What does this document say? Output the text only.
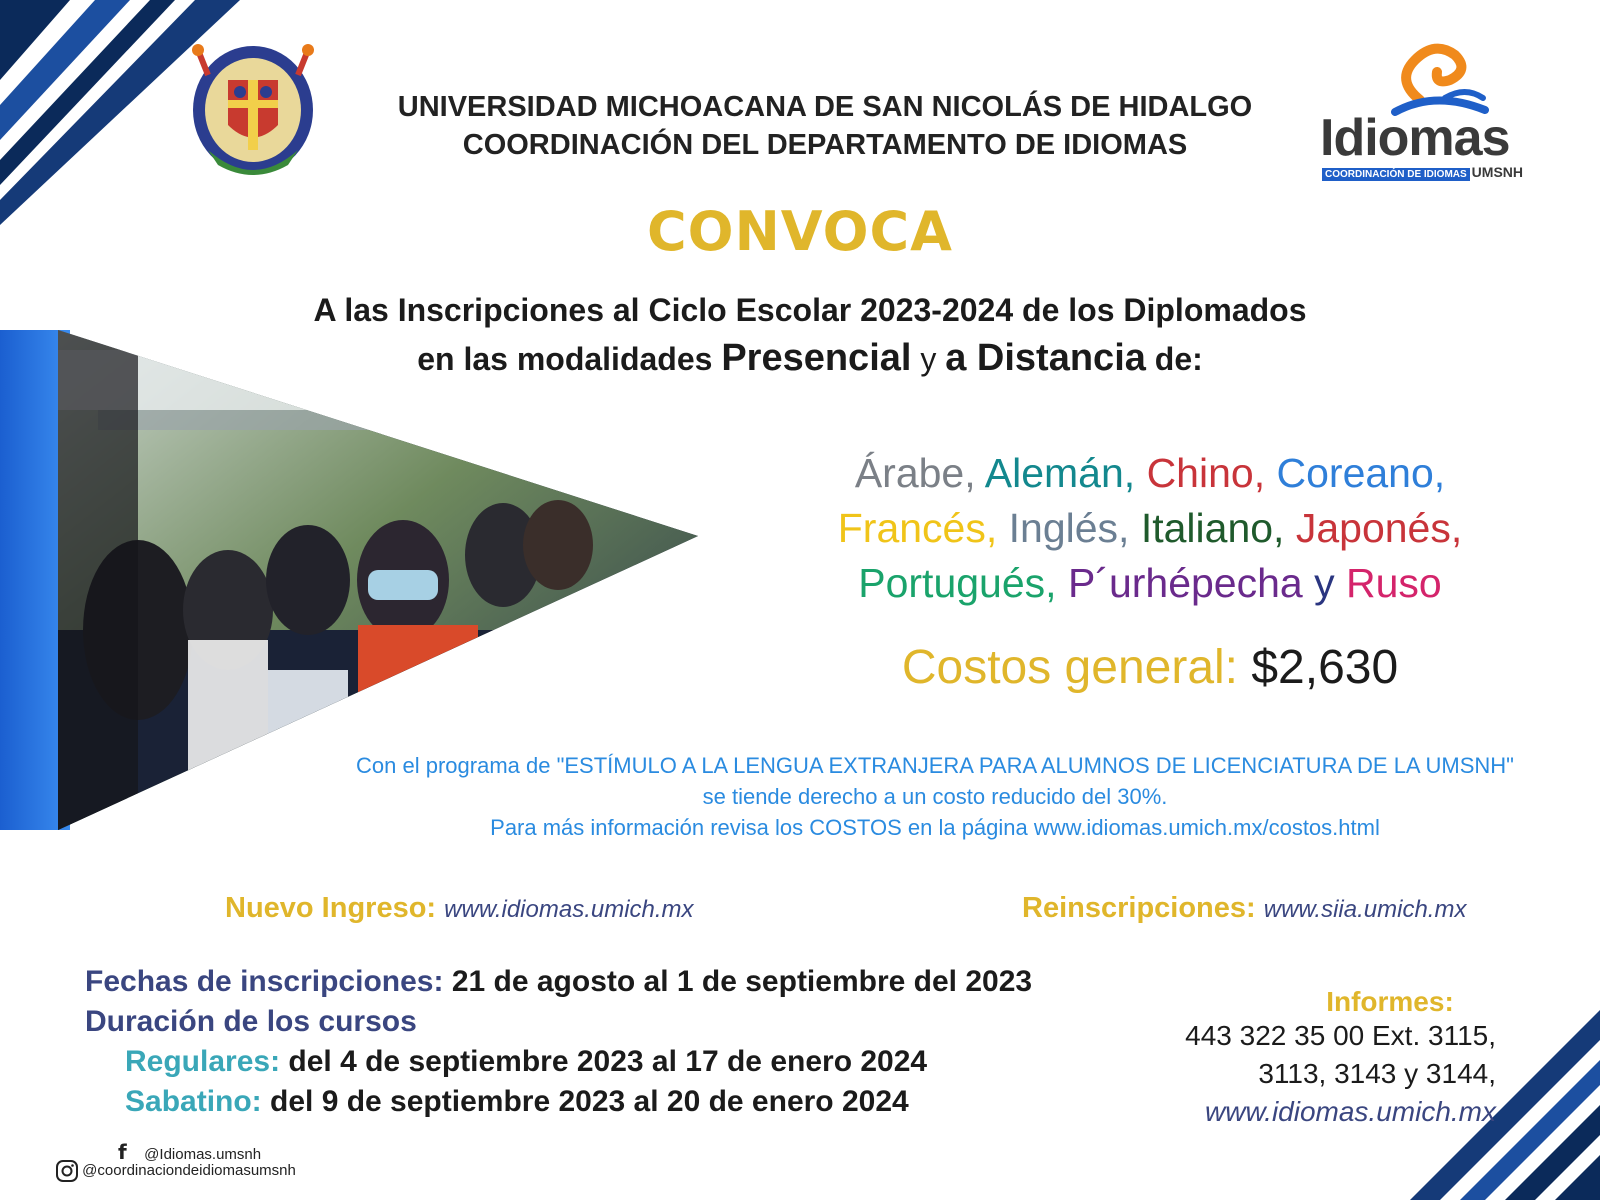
UNIVERSIDAD MICHOACANA DE SAN NICOLÁS DE HIDALGO
COORDINACIÓN DEL DEPARTAMENTO DE IDIOMAS	Idiomas
COORDINACIÓN DE IDIOMAS UMSNH
CONVOCA
A las Inscripciones al Ciclo Escolar 2023-2024 de los Diplomados
en las modalidades Presencial y a Distancia de:
Árabe, Alemán, Chino, Coreano,
Francés, Inglés, Italiano, Japonés,
Portugués, P´urhépecha y Ruso
Costos general: $2,630
Con el programa de "ESTÍMULO A LA LENGUA EXTRANJERA PARA ALUMNOS DE LICENCIATURA DE LA UMSNH"
se tiende derecho a un costo reducido del 30%.
Para más información revisa los COSTOS en la página www.idiomas.umich.mx/costos.html
Nuevo Ingreso: www.idiomas.umich.mx	Reinscripciones: www.siia.umich.mx
Fechas de inscripciones: 21 de agosto al 1 de septiembre del 2023
Duración de los cursos
Regulares: del 4 de septiembre 2023 al 17 de enero 2024
Sabatino: del 9 de septiembre 2023 al 20 de enero 2024
Informes:
443 322 35 00 Ext. 3115,
3113, 3143 y 3144,
www.idiomas.umich.mx
f @Idiomas.umsnh
@coordinaciondeidiomasumsnh
